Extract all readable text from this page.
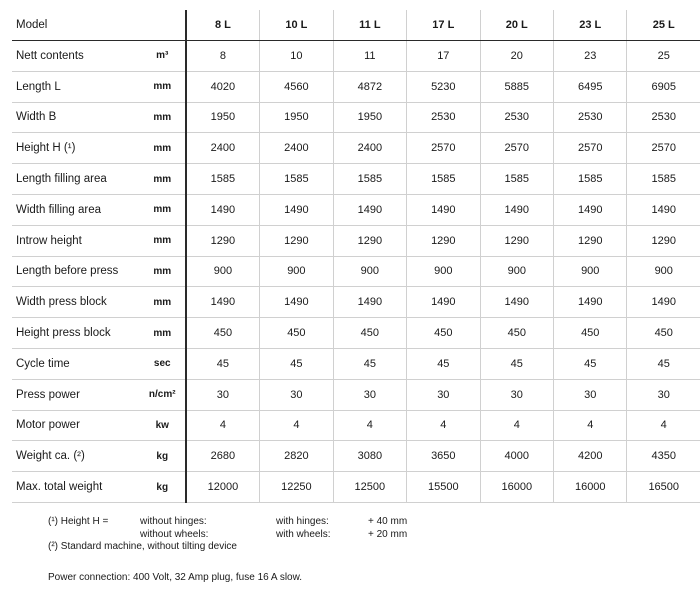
Model		8 L	10 L	11 L	17 L	20 L	23 L	25 L
Nett contents	m³	8	10	11	17	20	23	25
Length L	mm	4020	4560	4872	5230	5885	6495	6905
Width B	mm	1950	1950	1950	2530	2530	2530	2530
Height H (¹)	mm	2400	2400	2400	2570	2570	2570	2570
Length filling area	mm	1585	1585	1585	1585	1585	1585	1585
Width filling area	mm	1490	1490	1490	1490	1490	1490	1490
Introw height	mm	1290	1290	1290	1290	1290	1290	1290
Length before press	mm	900	900	900	900	900	900	900
Width press block	mm	1490	1490	1490	1490	1490	1490	1490
Height press block	mm	450	450	450	450	450	450	450
Cycle time	sec	45	45	45	45	45	45	45
Press power	n/cm²	30	30	30	30	30	30	30
Motor power	kw	4	4	4	4	4	4	4
Weight ca. (²)	kg	2680	2820	3080	3650	4000	4200	4350
Max. total weight	kg	12000	12250	12500	15500	16000	16000	16500
(¹) Height H =	without hinges:	with hinges:	+ 40 mm
without wheels:	with wheels:	+ 20 mm
(²) Standard machine, without tilting device
Power connection: 400 Volt, 32 Amp plug, fuse 16 A slow.
